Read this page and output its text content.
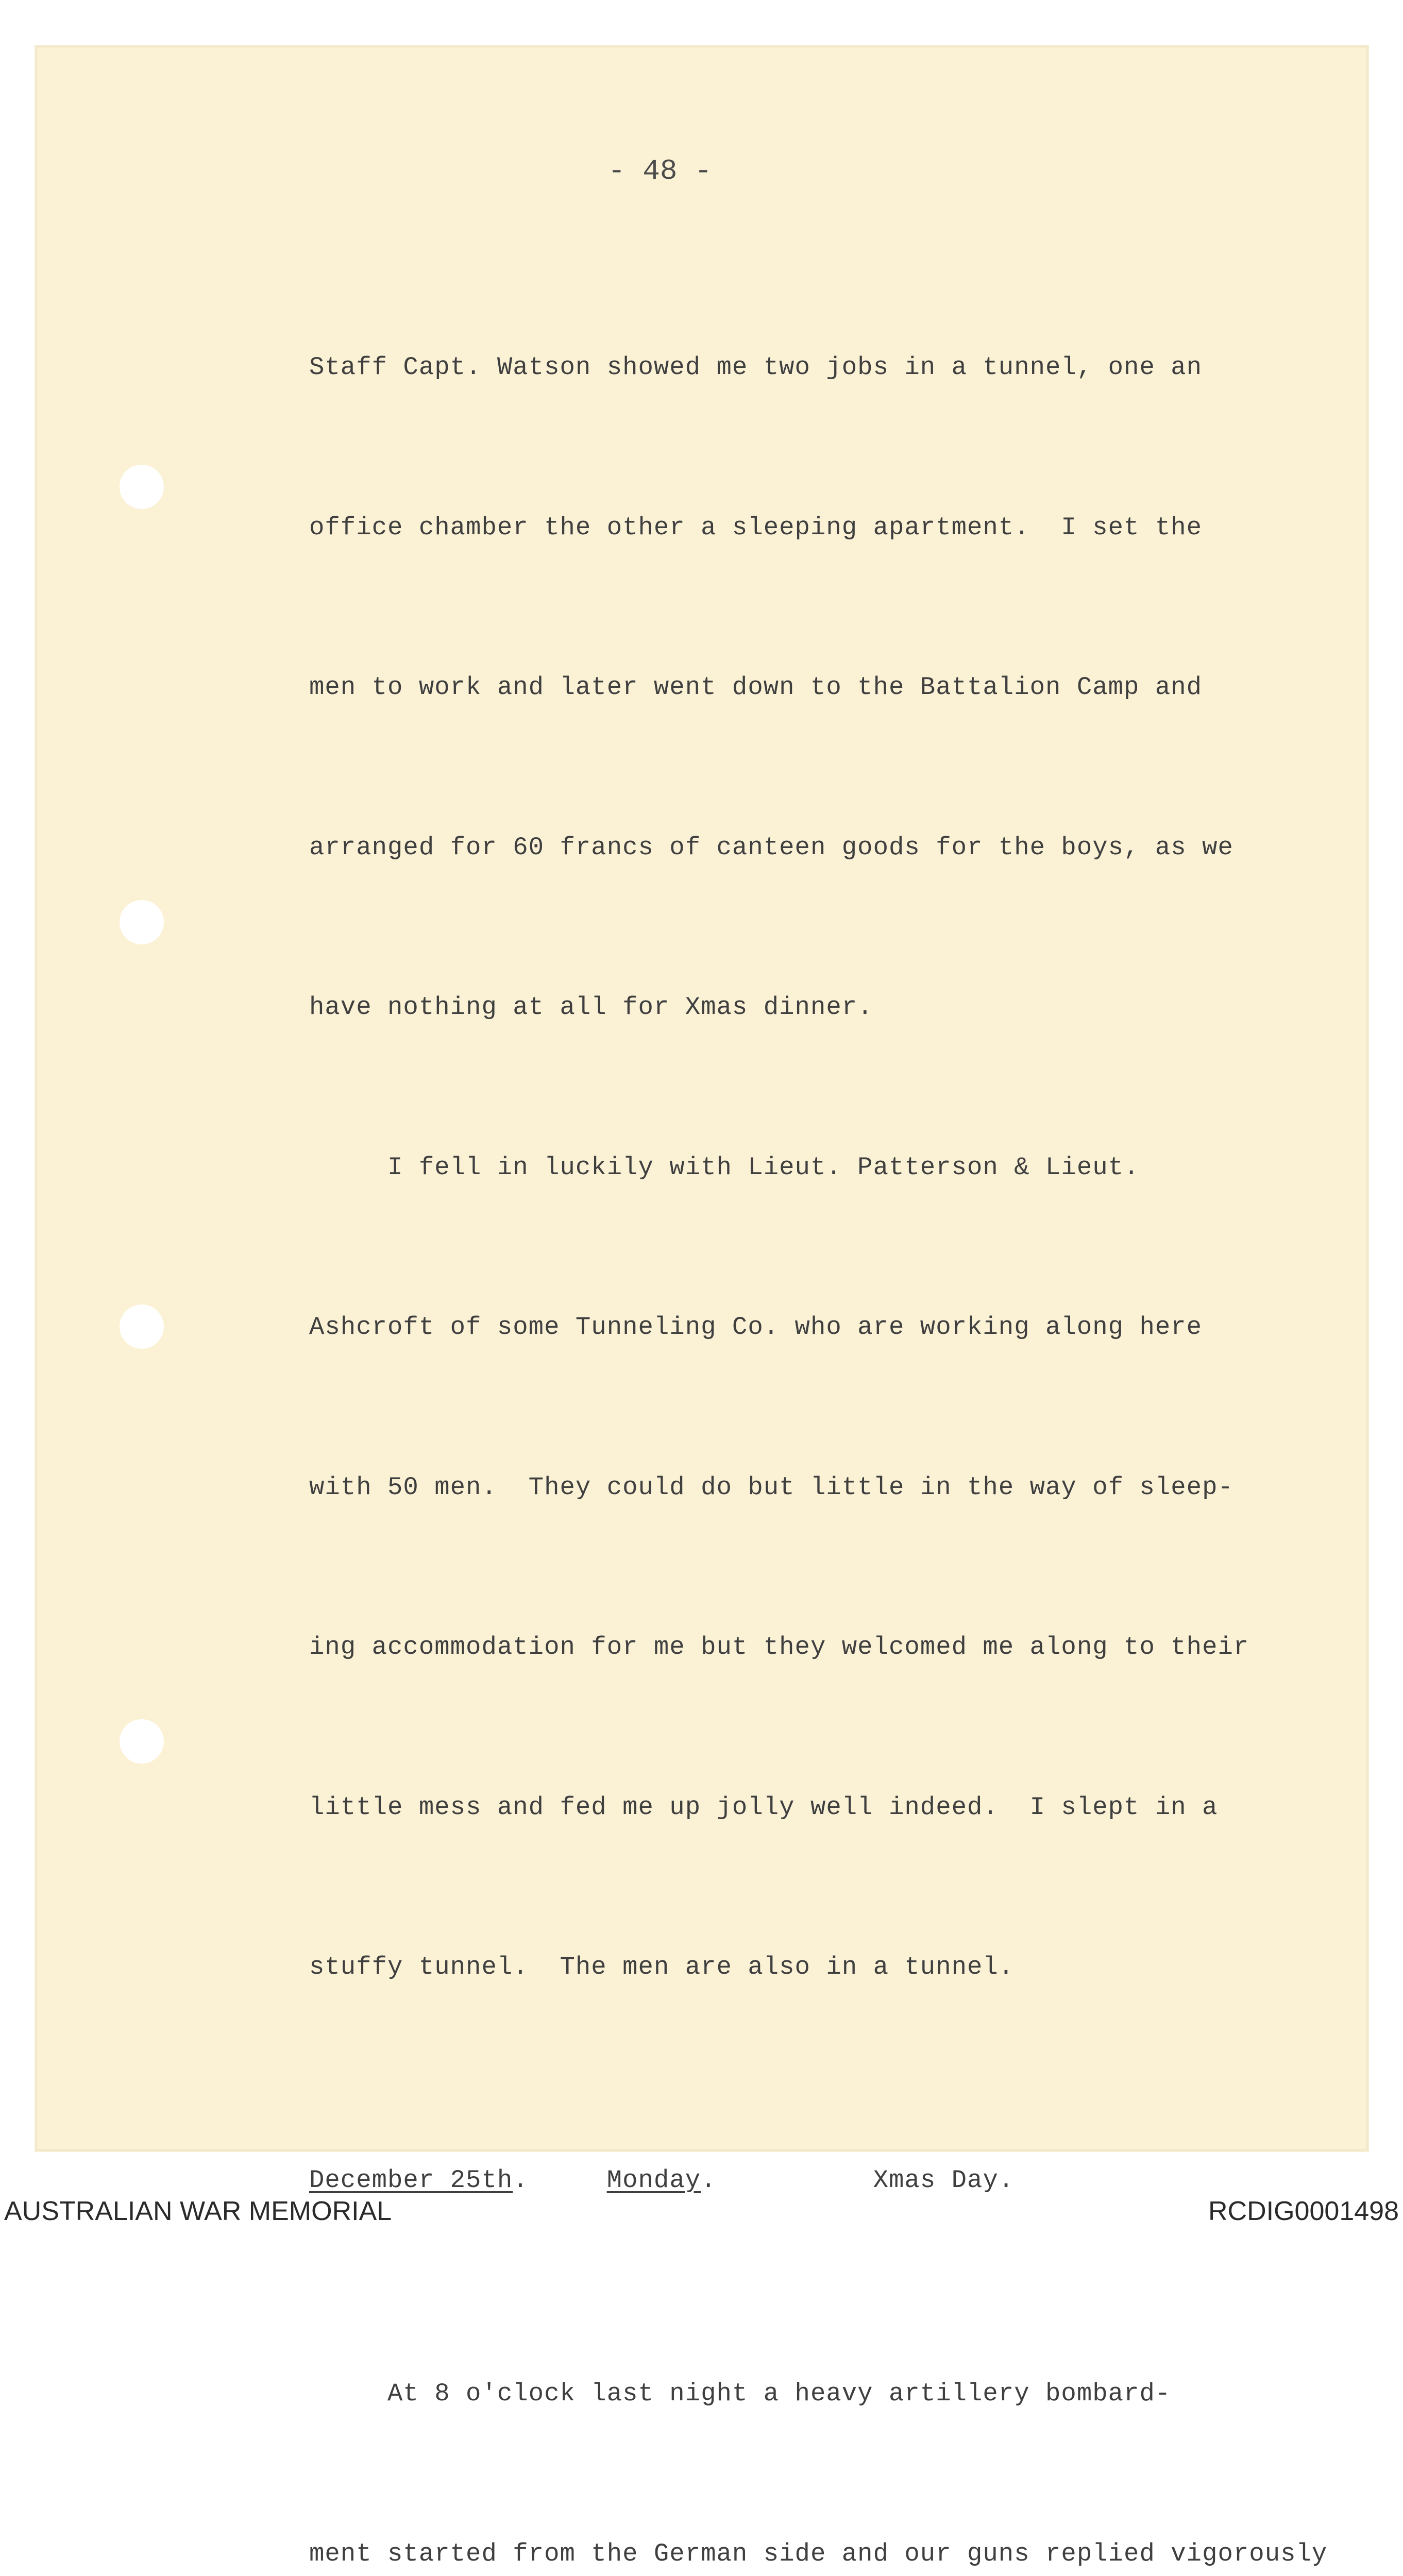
- 48 -

Staff Capt. Watson showed me two jobs in a tunnel, one an

office chamber the other a sleeping apartment.  I set the

men to work and later went down to the Battalion Camp and

arranged for 60 francs of canteen goods for the boys, as we

have nothing at all for Xmas dinner.

I fell in luckily with Lieut. Patterson & Lieut.

Ashcroft of some Tunneling Co. who are working along here

with 50 men.  They could do but little in the way of sleep-

ing accommodation for me but they welcomed me along to their

little mess and fed me up jolly well indeed.  I slept in a

stuffy tunnel.  The men are also in a tunnel.

December 25th.	Monday.	Xmas Day.

At 8 o'clock last night a heavy artillery bombard-

ment started from the German side and our guns replied vigorously

AUSTRALIAN WAR MEMORIAL	RCDIG0001498
